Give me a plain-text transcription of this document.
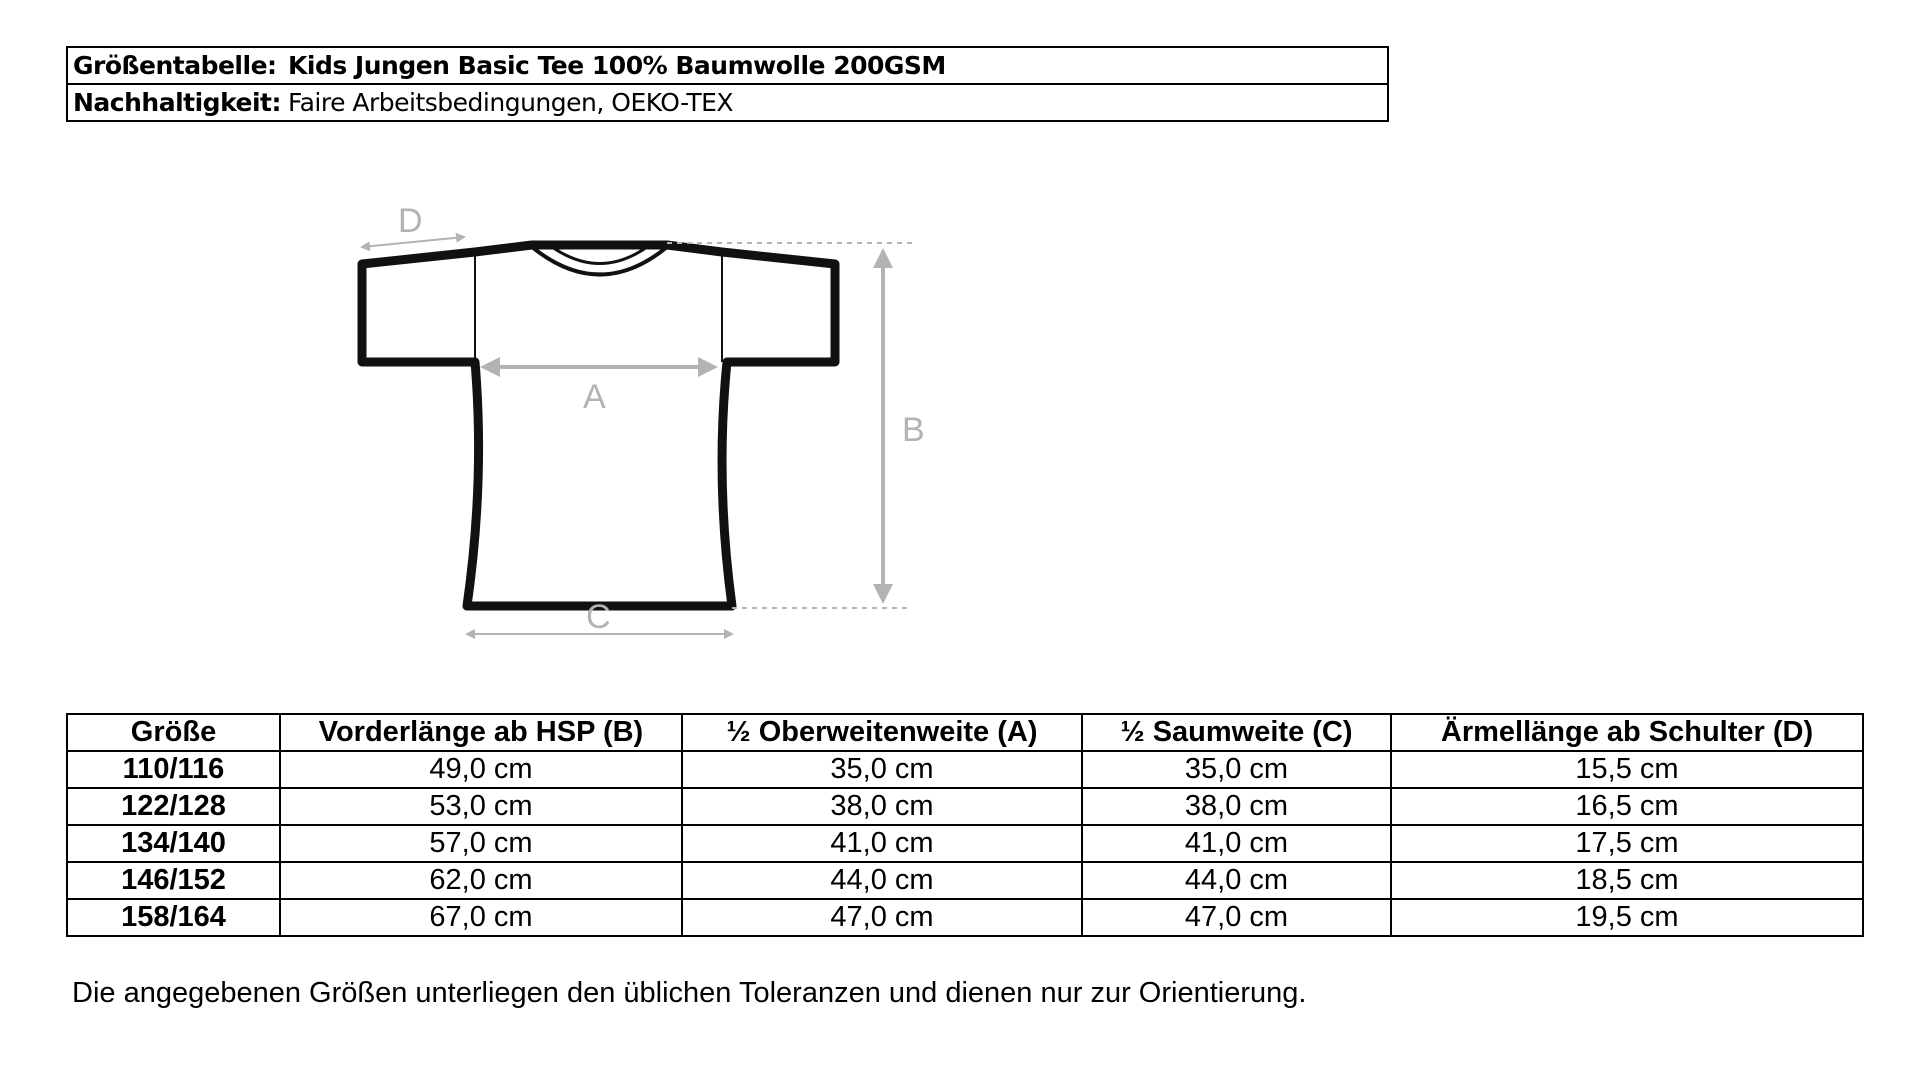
Größentabelle:	Kids Jungen Basic Tee 100% Baumwolle 200GSM
Nachhaltigkeit:	Faire Arbeitsbedingungen, OEKO-TEX
D
A
B
C
Größe	Vorderlänge ab HSP (B)	½ Oberweitenweite (A)	½ Saumweite (C)	Ärmellänge ab Schulter (D)
110/116	49,0 cm	35,0 cm	35,0 cm	15,5 cm
122/128	53,0 cm	38,0 cm	38,0 cm	16,5 cm
134/140	57,0 cm	41,0 cm	41,0 cm	17,5 cm
146/152	62,0 cm	44,0 cm	44,0 cm	18,5 cm
158/164	67,0 cm	47,0 cm	47,0 cm	19,5 cm
Die angegebenen Größen unterliegen den üblichen Toleranzen und dienen nur zur Orientierung.
